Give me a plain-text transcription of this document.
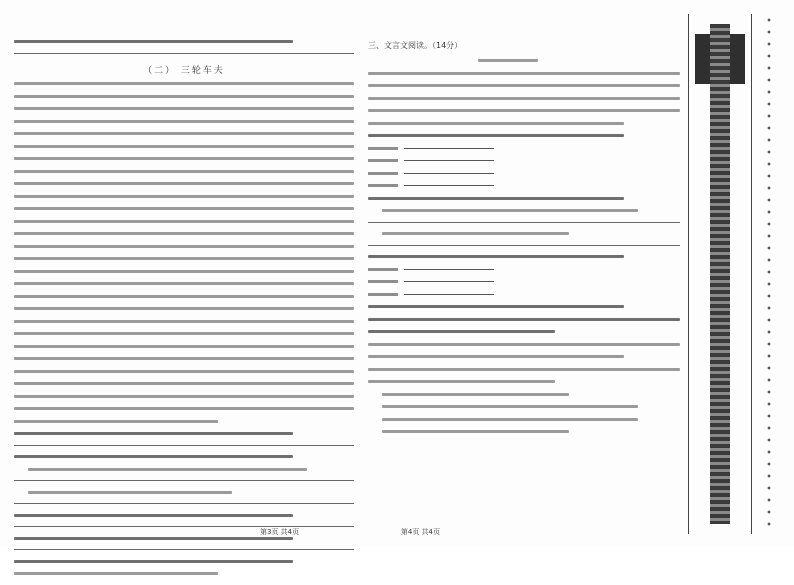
（二） 三轮车夫
三、文言文阅读。（14分）
第3页 共4页	第4页 共4页
